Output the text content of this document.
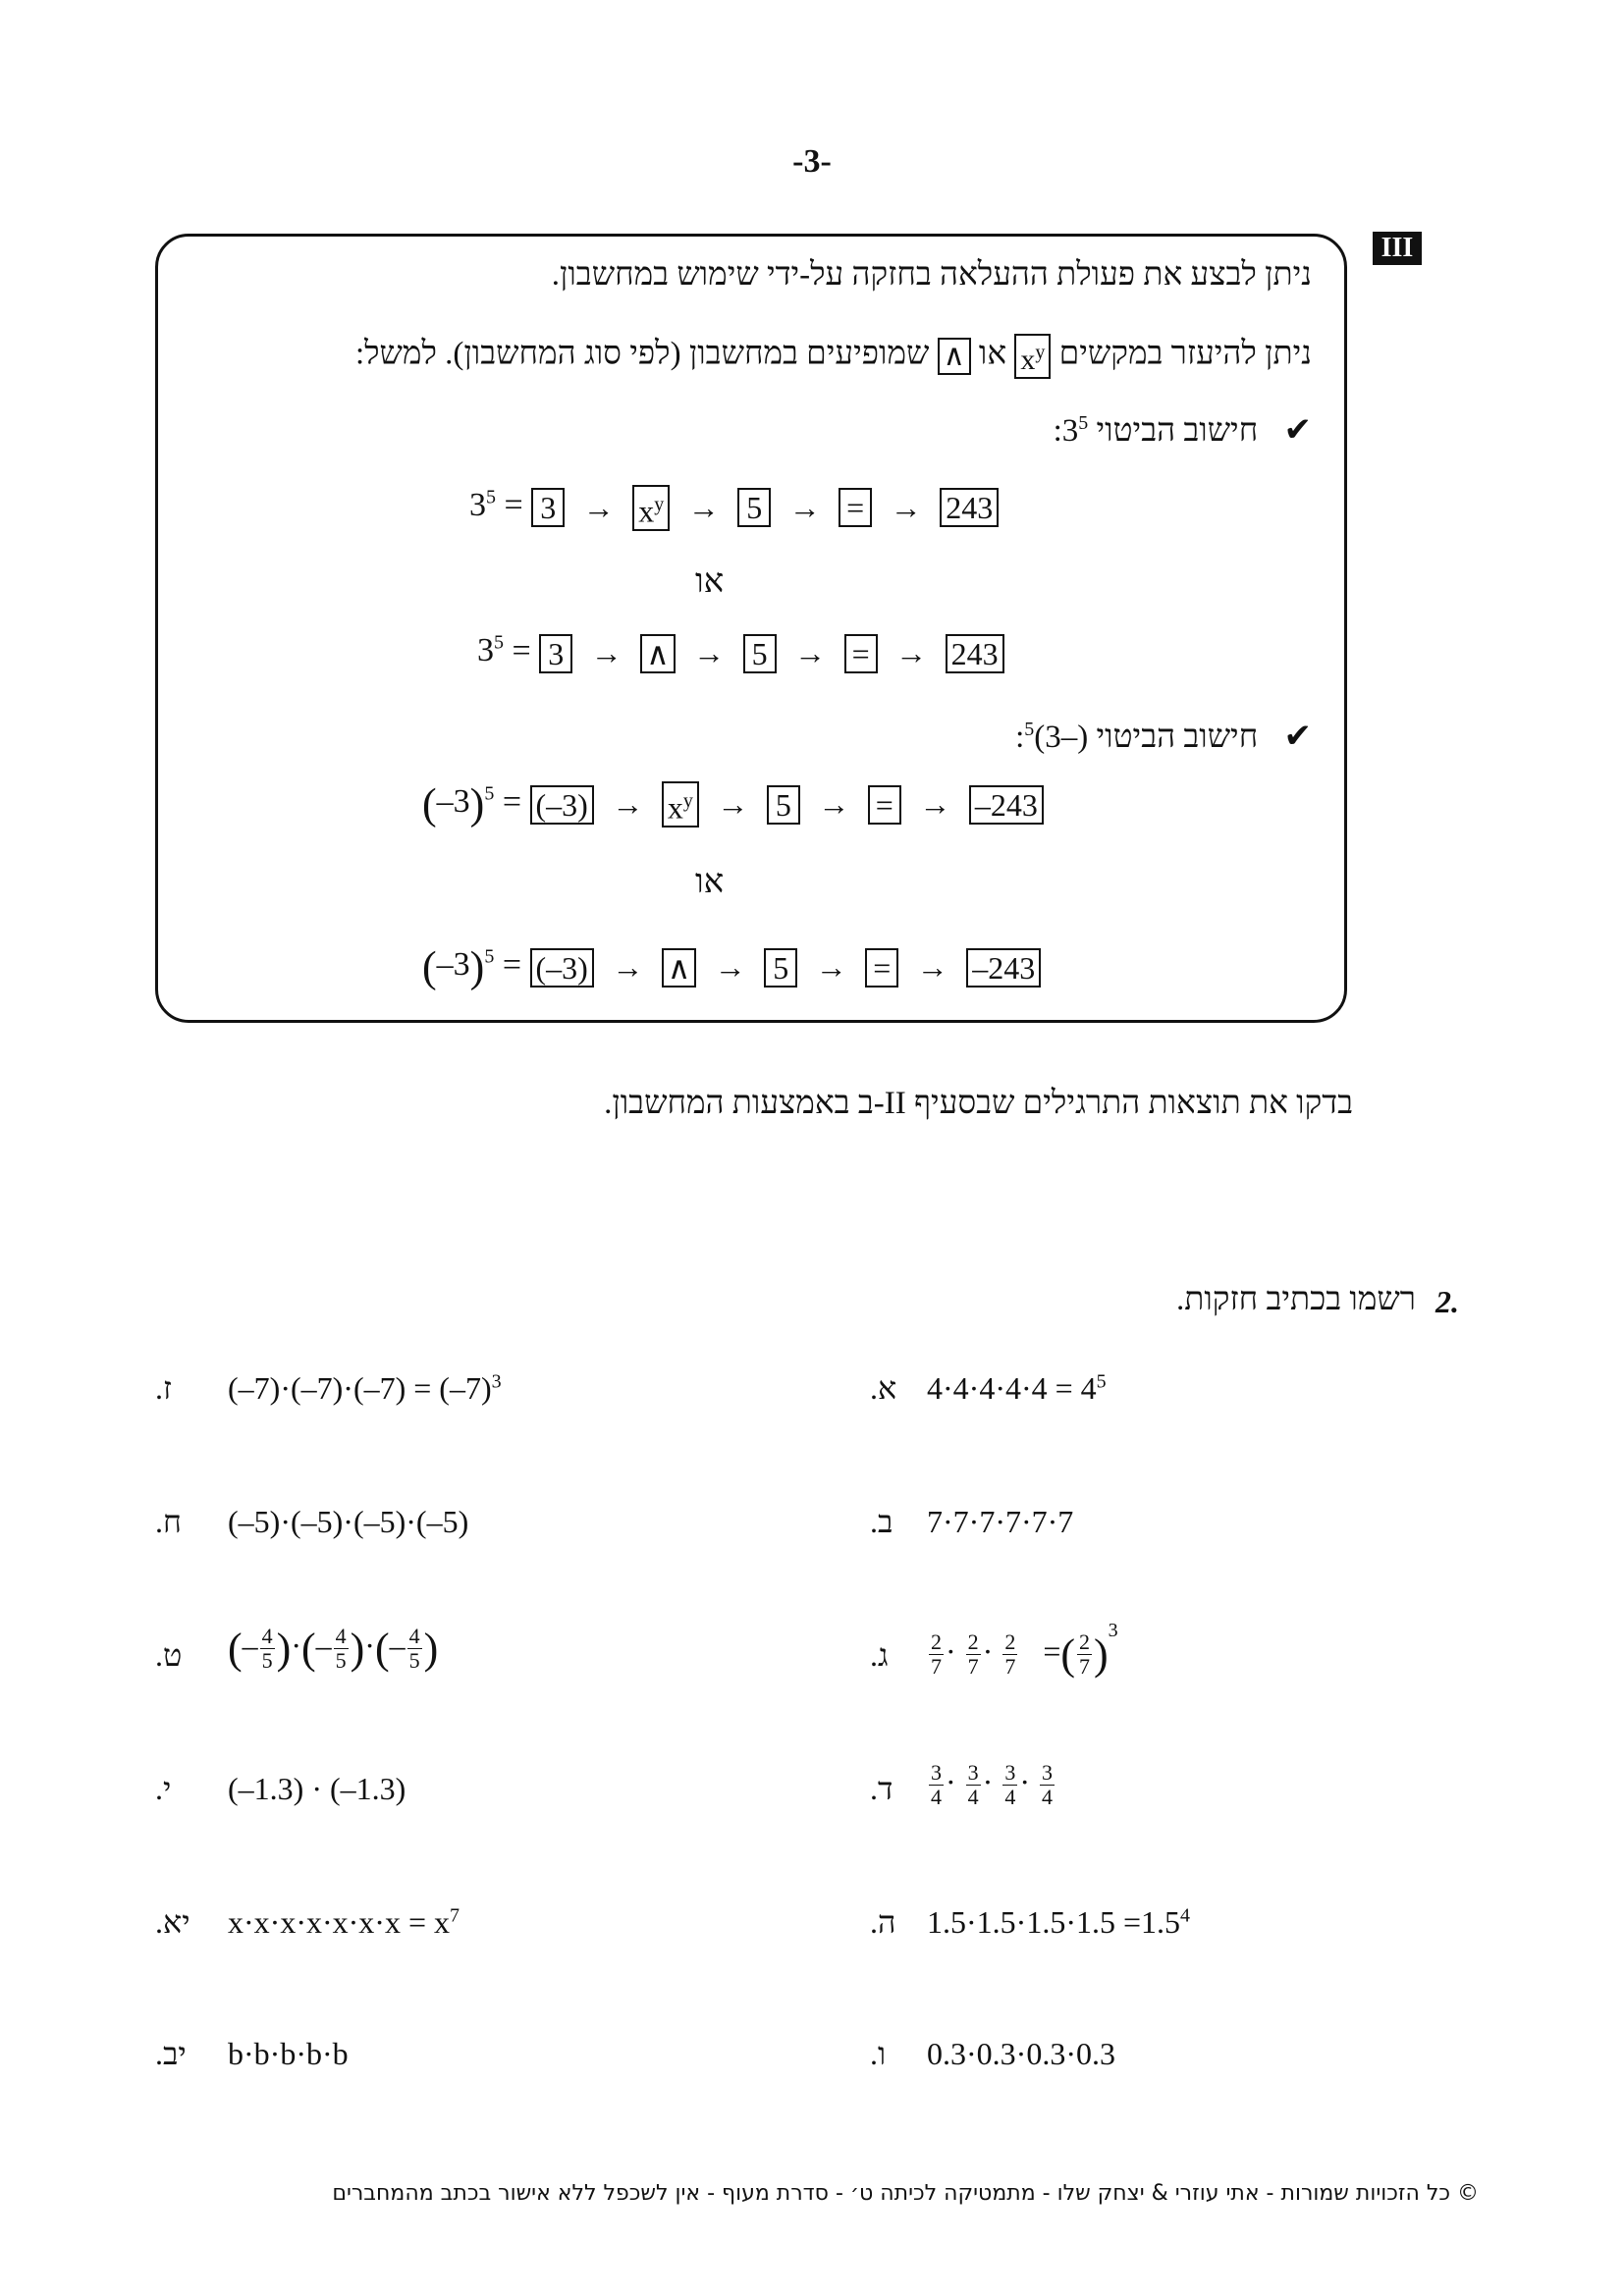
-3-
III
ניתן לבצע את פעולת ההעלאה בחזקה על-ידי שימוש במחשבון.
ניתן להיעזר במקשים $x^y$ או ∧ שמופיעים במחשבון (לפי סוג המחשבון). למשל:
✔ חישוב הביטוי $3^5$:
$3^5 = 3 \to x^y \to 5$ → = → 243
או
$3^5 = 3$ → ∧ → 5 → = → 243
✔ חישוב הביטוי $^5$(3–):
$(-3)^5 = (-3) \to x^y \to 5$ → = → –243
או
$(-3)^5 = (-3)$ → ∧ → 5 → = → –243
בדקו את תוצאות התרגילים שבסעיף II-ב באמצעות המחשבון.
2.
רשמו בכתיב חזקות.
א. $4\cdot 4\cdot 4\cdot 4\cdot 4 = 4^5$
ב. 7·7·7·7·7·7
ג. $\frac{2}{7} \cdot \frac{2}{7} \cdot \frac{2}{7}$ =( $\frac{2}{7} )^3$
ד. $\frac{3}{4} \cdot \frac{3}{4} \cdot \frac{3}{4} \cdot \frac{3}{4}$
ה. $1.5\cdot 1.5\cdot 1.5\cdot 1.5 =1.5^4$
ו. 0.3·0.3·0.3·0.3
ז. $(-7)\cdot(-7)\cdot(-7) = (-7)^3$
ח. (–5)·(–5)·(–5)·(–5)
ט. (– $\frac{4}{5}$ )·(– $\frac{4}{5}$ )·(– $\frac{4}{5}$ )
י. (–1.3) · (–1.3)
יא. $x\cdot x\cdot x\cdot x\cdot x\cdot x\cdot x = x^7$
יב. b·b·b·b·b
© כל הזכויות שמורות - אתי עוזרי & יצחק שלו - מתמטיקה לכיתה ט׳ - סדרת מעוף - אין לשכפל ללא אישור בכתב מהמחברים
